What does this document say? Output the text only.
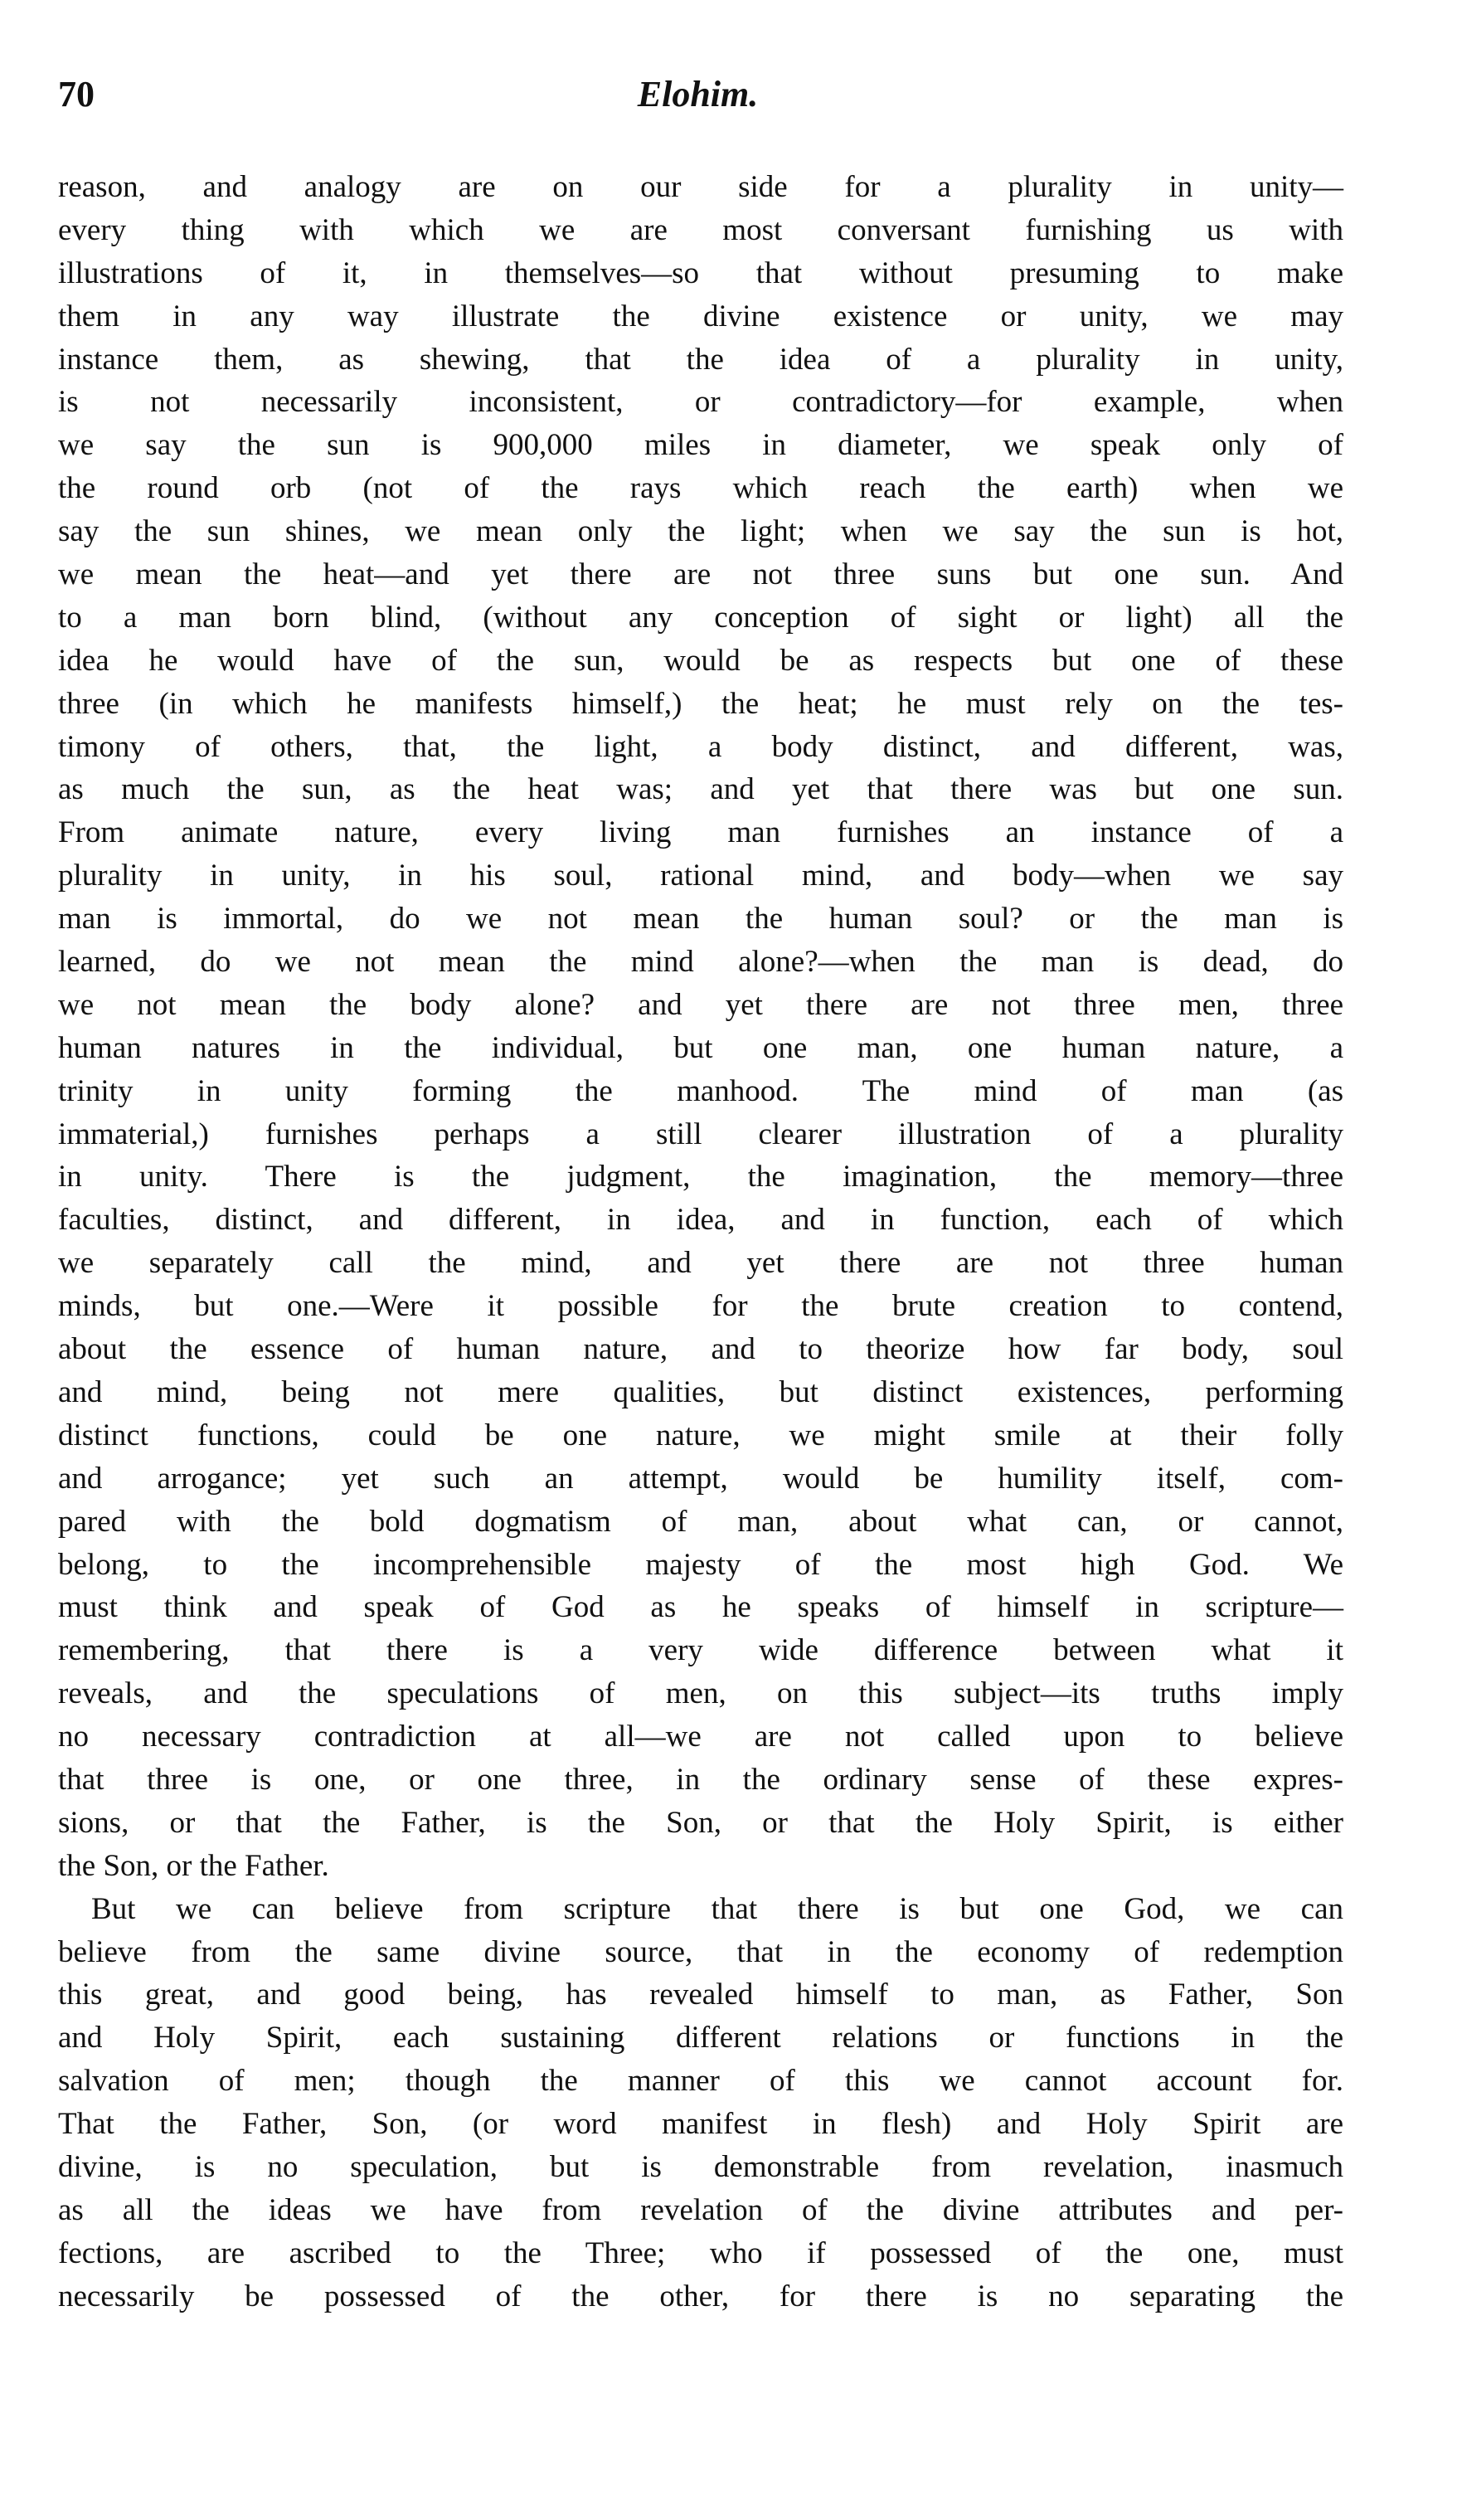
70	Elohim.
reason, and analogy are on our side for a plurality in unity—
every thing with which we are most conversant furnishing us with
illustrations of it, in themselves—so that without presuming to make
them in any way illustrate the divine existence or unity, we may
instance them, as shewing, that the idea of a plurality in unity,
is not necessarily inconsistent, or contradictory—for example, when
we say the sun is 900,000 miles in diameter, we speak only of
the round orb (not of the rays which reach the earth) when we
say the sun shines, we mean only the light; when we say the sun is hot,
we mean the heat—and yet there are not three suns but one sun. And
to a man born blind, (without any conception of sight or light) all the
idea he would have of the sun, would be as respects but one of these
three (in which he manifests himself,) the heat; he must rely on the tes-
timony of others, that, the light, a body distinct, and different, was,
as much the sun, as the heat was; and yet that there was but one sun.
From animate nature, every living man furnishes an instance of a
plurality in unity, in his soul, rational mind, and body—when we say
man is immortal, do we not mean the human soul? or the man is
learned, do we not mean the mind alone?—when the man is dead, do
we not mean the body alone? and yet there are not three men, three
human natures in the individual, but one man, one human nature, a
trinity in unity forming the manhood. The mind of man (as
immaterial,) furnishes perhaps a still clearer illustration of a plurality
in unity. There is the judgment, the imagination, the memory—three
faculties, distinct, and different, in idea, and in function, each of which
we separately call the mind, and yet there are not three human
minds, but one.—Were it possible for the brute creation to contend,
about the essence of human nature, and to theorize how far body, soul
and mind, being not mere qualities, but distinct existences, performing
distinct functions, could be one nature, we might smile at their folly
and arrogance; yet such an attempt, would be humility itself, com-
pared with the bold dogmatism of man, about what can, or cannot,
belong, to the incomprehensible majesty of the most high God. We
must think and speak of God as he speaks of himself in scripture—
remembering, that there is a very wide difference between what it
reveals, and the speculations of men, on this subject—its truths imply
no necessary contradiction at all—we are not called upon to believe
that three is one, or one three, in the ordinary sense of these expres-
sions, or that the Father, is the Son, or that the Holy Spirit, is either
the Son, or the Father.
But we can believe from scripture that there is but one God, we can
believe from the same divine source, that in the economy of redemption
this great, and good being, has revealed himself to man, as Father, Son
and Holy Spirit, each sustaining different relations or functions in the
salvation of men; though the manner of this we cannot account for.
That the Father, Son, (or word manifest in flesh) and Holy Spirit are
divine, is no speculation, but is demonstrable from revelation, inasmuch
as all the ideas we have from revelation of the divine attributes and per-
fections, are ascribed to the Three; who if possessed of the one, must
necessarily be possessed of the other, for there is no separating the
